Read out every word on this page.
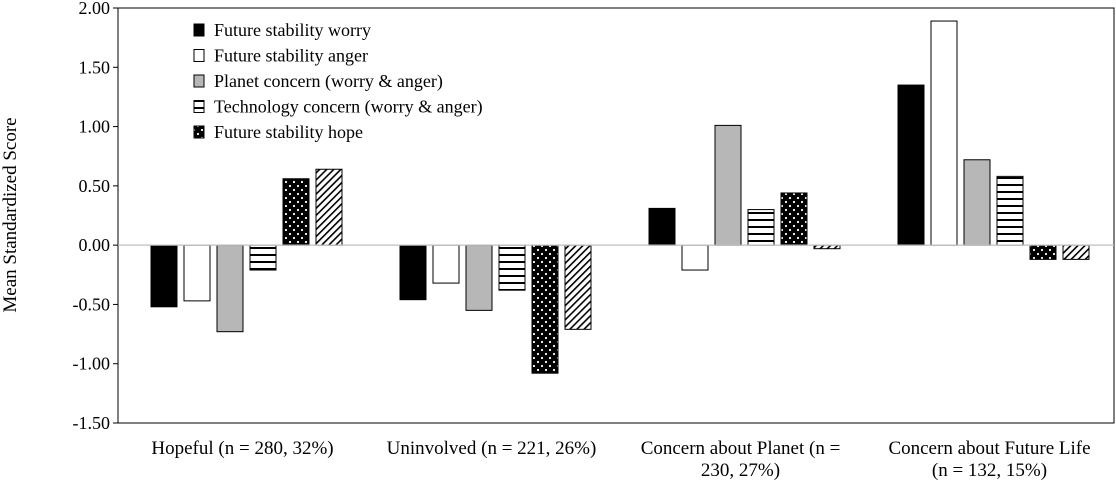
-1.50
-1.00
-0.50
0.00
0.50
1.00
1.50
2.00
Hopeful (n = 280, 32%)	Uninvolved (n = 221, 26%) Concern about Planet (n =
230, 27%)
Concern about Future Life
(n = 132, 15%)
Mean Standardized Score
Future stability worry
Future stability anger
Planet concern (worry & anger)
Technology concern (worry & anger)
Future stability hope
